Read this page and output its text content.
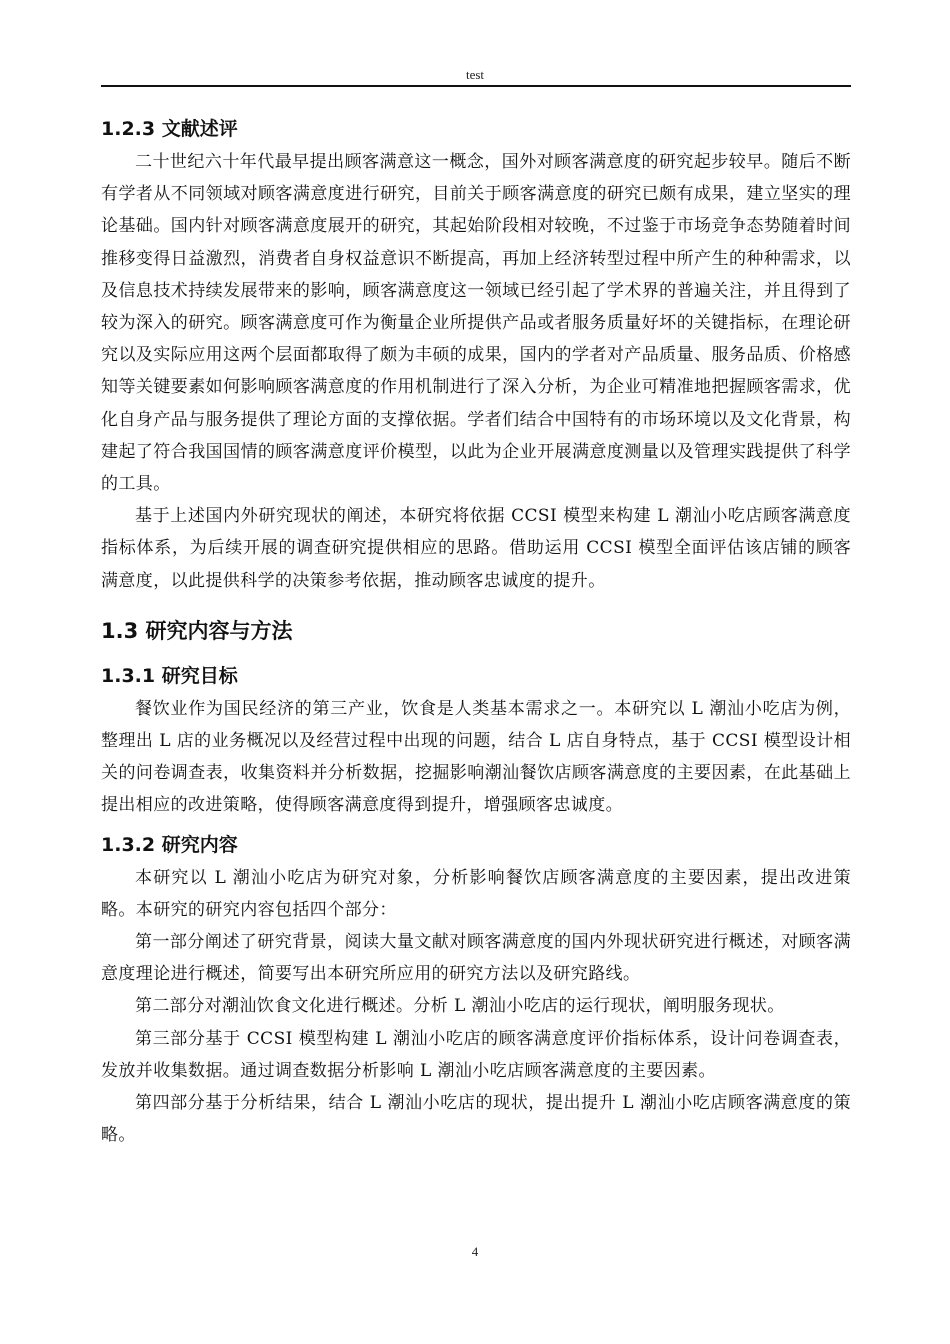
test
1.2.3 文献述评

二十世纪六十年代最早提出顾客满意这一概念，国外对顾客满意度的研究起步较早。随后不断有学者从不同领域对顾客满意度进行研究，目前关于顾客满意度的研究已颇有成果，建立坚实的理论基础。国内针对顾客满意度展开的研究，其起始阶段相对较晚，不过鉴于市场竞争态势随着时间推移变得日益激烈，消费者自身权益意识不断提高，再加上经济转型过程中所产生的种种需求，以及信息技术持续发展带来的影响，顾客满意度这一领域已经引起了学术界的普遍关注，并且得到了较为深入的研究。顾客满意度可作为衡量企业所提供产品或者服务质量好坏的关键指标，在理论研究以及实际应用这两个层面都取得了颇为丰硕的成果，国内的学者对产品质量、服务品质、价格感知等关键要素如何影响顾客满意度的作用机制进行了深入分析，为企业可精准地把握顾客需求，优化自身产品与服务提供了理论方面的支撑依据。学者们结合中国特有的市场环境以及文化背景，构建起了符合我国国情的顾客满意度评价模型，以此为企业开展满意度测量以及管理实践提供了科学的工具。

基于上述国内外研究现状的阐述，本研究将依据 CCSI 模型来构建 L 潮汕小吃店顾客满意度指标体系，为后续开展的调查研究提供相应的思路。借助运用 CCSI 模型全面评估该店铺的顾客满意度，以此提供科学的决策参考依据，推动顾客忠诚度的提升。

1.3 研究内容与方法
1.3.1 研究目标

餐饮业作为国民经济的第三产业，饮食是人类基本需求之一。本研究以 L 潮汕小吃店为例， 整理出 L 店的业务概况以及经营过程中出现的问题，结合 L 店自身特点，基于 CCSI 模型设计相关的问卷调查表，收集资料并分析数据，挖掘影响潮汕餐饮店顾客满意度的主要因素，在此基础上提出相应的改进策略，使得顾客满意度得到提升，增强顾客忠诚度。

1.3.2 研究内容

本研究以 L 潮汕小吃店为研究对象，分析影响餐饮店顾客满意度的主要因素，提出改进策略。本研究的研究内容包括四个部分：

第一部分阐述了研究背景，阅读大量文献对顾客满意度的国内外现状研究进行概述，对顾客满意度理论进行概述，简要写出本研究所应用的研究方法以及研究路线。

第二部分对潮汕饮食文化进行概述。分析 L 潮汕小吃店的运行现状，阐明服务现状。

第三部分基于 CCSI 模型构建 L 潮汕小吃店的顾客满意度评价指标体系，设计问卷调查表，发放并收集数据。通过调查数据分析影响 L 潮汕小吃店顾客满意度的主要因素。

第四部分基于分析结果，结合 L 潮汕小吃店的现状，提出提升 L 潮汕小吃店顾客满意度的策略。

4
